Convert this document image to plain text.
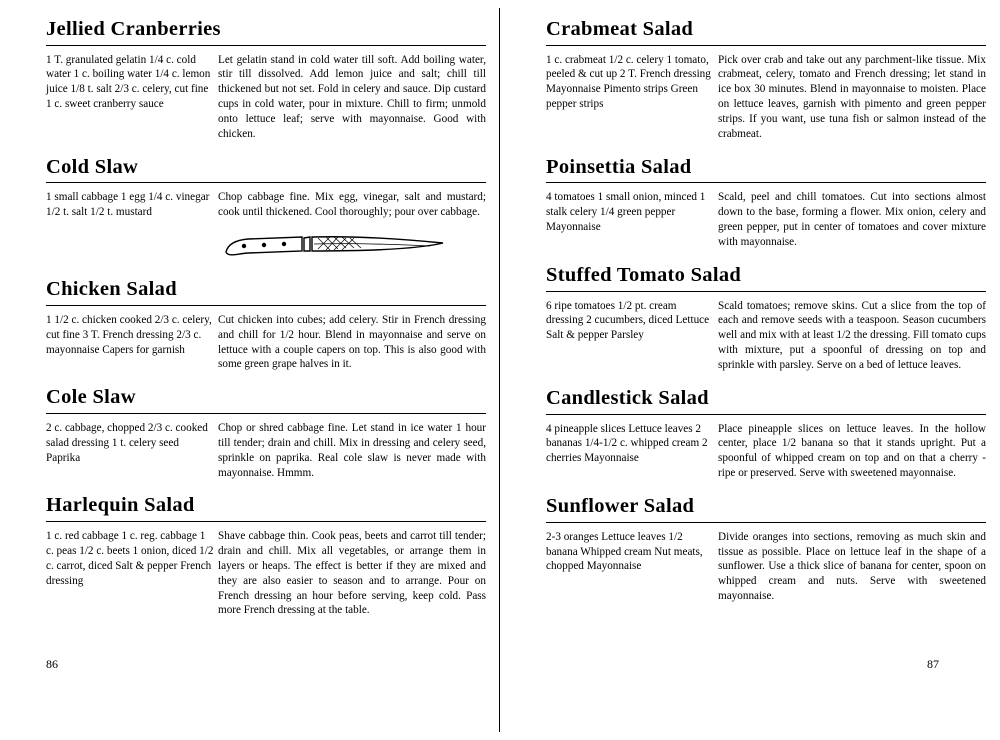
Jellied Cranberries
1 T. granulated gelatin 1/4 c. cold water 1 c. boiling water 1/4 c. lemon juice 1/8 t. salt 2/3 c. celery, cut fine 1 c. sweet cranberry sauce
Let gelatin stand in cold water till soft. Add boiling water, stir till dissolved. Add lemon juice and salt; chill till thickened but not set. Fold in celery and sauce. Dip custard cups in cold water, pour in mixture. Chill to firm; unmold onto lettuce leaf; serve with mayonnaise. Good with chicken.
Cold Slaw
1 small cabbage 1 egg 1/4 c. vinegar 1/2 t. salt 1/2 t. mustard
Chop cabbage fine. Mix egg, vinegar, salt and mustard; cook until thickened. Cool thoroughly; pour over cabbage.
Chicken Salad
1 1/2 c. chicken cooked 2/3 c. celery, cut fine 3 T. French dressing 2/3 c. mayonnaise Capers for garnish
Cut chicken into cubes; add celery. Stir in French dressing and chill for 1/2 hour. Blend in mayonnaise and serve on lettuce with a couple capers on top. This is also good with some green grape halves in it.
Cole Slaw
2 c. cabbage, chopped 2/3 c. cooked salad dressing 1 t. celery seed Paprika
Chop or shred cabbage fine. Let stand in ice water 1 hour till tender; drain and chill. Mix in dressing and celery seed, sprinkle on paprika. Real cole slaw is never made with mayonnaise. Hmmm.
Harlequin Salad
1 c. red cabbage 1 c. reg. cabbage 1 c. peas 1/2 c. beets 1 onion, diced 1/2 c. carrot, diced Salt & pepper French dressing
Shave cabbage thin. Cook peas, beets and carrot till tender; drain and chill. Mix all vegetables, or arrange them in layers or heaps. The effect is better if they are mixed and they are also easier to season and to arrange. Pour on French dressing an hour before serving, keep cold. Pass more French dressing at the table.
Crabmeat Salad
1 c. crabmeat 1/2 c. celery 1 tomato, peeled & cut up 2 T. French dressing Mayonnaise Pimento strips Green pepper strips
Pick over crab and take out any parchment-like tissue. Mix crabmeat, celery, tomato and French dressing; let stand in ice box 30 minutes. Blend in mayonnaise to moisten. Place on lettuce leaves, garnish with pimento and green pepper strips. If you want, use tuna fish or salmon instead of the crabmeat.
Poinsettia Salad
4 tomatoes 1 small onion, minced 1 stalk celery 1/4 green pepper Mayonnaise
Scald, peel and chill tomatoes. Cut into sections almost down to the base, forming a flower. Mix onion, celery and green pepper, put in center of tomatoes and cover mixture with mayonnaise.
Stuffed Tomato Salad
6 ripe tomatoes 1/2 pt. cream dressing 2 cucumbers, diced Lettuce Salt & pepper Parsley
Scald tomatoes; remove skins. Cut a slice from the top of each and remove seeds with a teaspoon. Season cucumbers well and mix with at least 1/2 the dressing. Fill tomato cups with mixture, put a spoonful of dressing on top and sprinkle with parsley. Serve on a bed of lettuce leaves.
Candlestick Salad
4 pineapple slices Lettuce leaves 2 bananas 1/4-1/2 c. whipped cream 2 cherries Mayonnaise
Place pineapple slices on lettuce leaves. In the hollow center, place 1/2 banana so that it stands upright. Put a spoonful of whipped cream on top and on that a cherry - ripe or preserved. Serve with sweetened mayonnaise.
Sunflower Salad
2-3 oranges Lettuce leaves 1/2 banana Whipped cream Nut meats, chopped Mayonnaise
Divide oranges into sections, removing as much skin and tissue as possible. Place on lettuce leaf in the shape of a sunflower. Use a thick slice of banana for center, spoon on whipped cream and nuts. Serve with sweetened mayonnaise.
86	87
